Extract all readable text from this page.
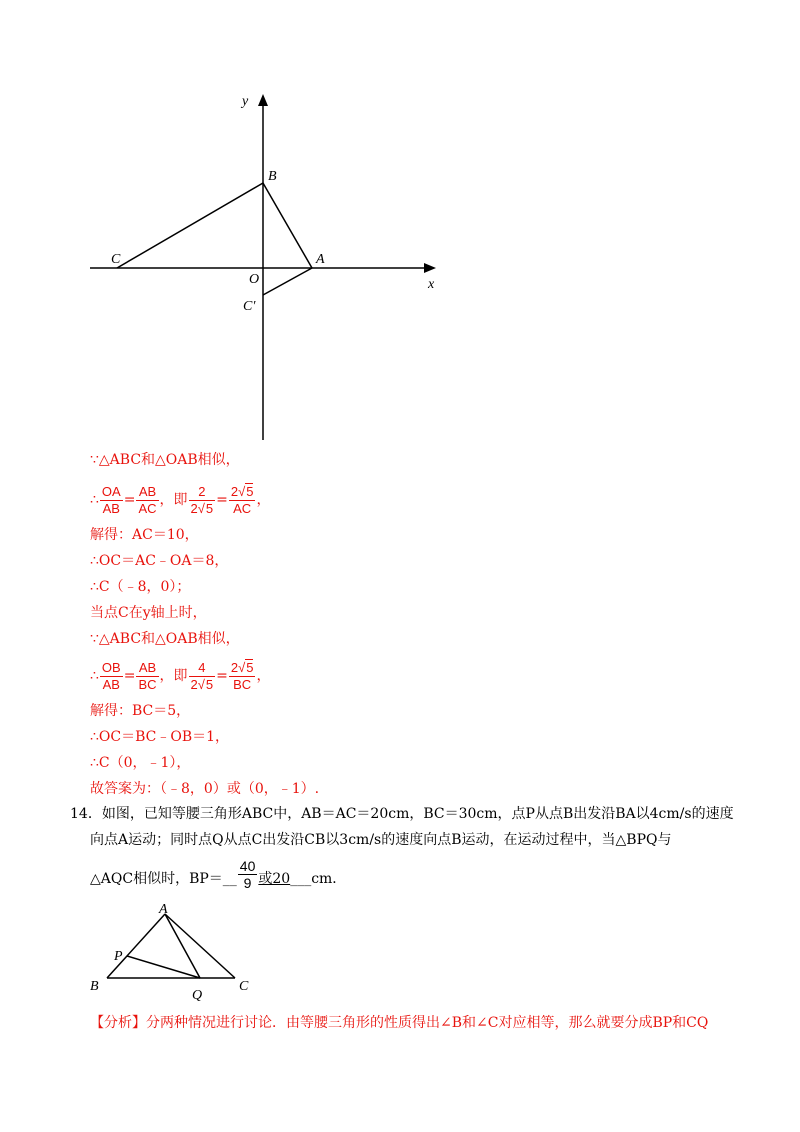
y
x
B
C
O
A
C′
∵△ABC和△OAB相似，
∴ $\frac{OA}{AB} = \frac{AB}{AC}$ ，即 $\frac{2}{2√5} = \frac{2√5}{AC}$ ，
解得：AC＝10，
∴OC＝AC﹣OA＝8，
∴C（﹣8，0）；
当点C在y轴上时，
∵△ABC和△OAB相似，
∴ $\frac{OB}{AB} = \frac{AB}{BC}$ ，即 $\frac{4}{2√5} = \frac{2√5}{BC}$ ，
解得：BC＝5，
∴OC＝BC﹣OB＝1，
∴C（0，﹣1），
故答案为：（﹣8，0）或（0，﹣1）.
14．如图，已知等腰三角形ABC中，AB＝AC＝20cm，BC＝30cm，点P从点B出发沿BA以4cm/s的速度
向点A运动；同时点Q从点C出发沿CB以3cm/s的速度向点B运动，在运动过程中，当△BPQ与
△AQC相似时，BP＝__ $\frac{40}{9}$ 或20___cm．
A
P
B
Q
C
【分析】分两种情况进行讨论．由等腰三角形的性质得出∠B和∠C对应相等，那么就要分成BP和CQ
